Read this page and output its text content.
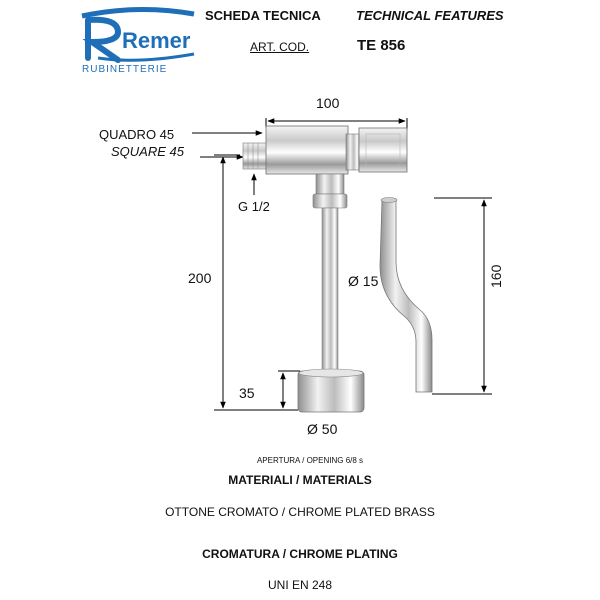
Remer
RUBINETTERIE
SCHEDA TECNICA	TECHNICAL FEATURES
ART. COD.	TE 856
100
200
35
Ø 15
Ø 50
160
QUADRO 45
SQUARE 45
G 1/2
APERTURA / OPENING 6/8 s
MATERIALI / MATERIALS
OTTONE CROMATO / CHROME PLATED BRASS
CROMATURA / CHROME PLATING
UNI EN 248
